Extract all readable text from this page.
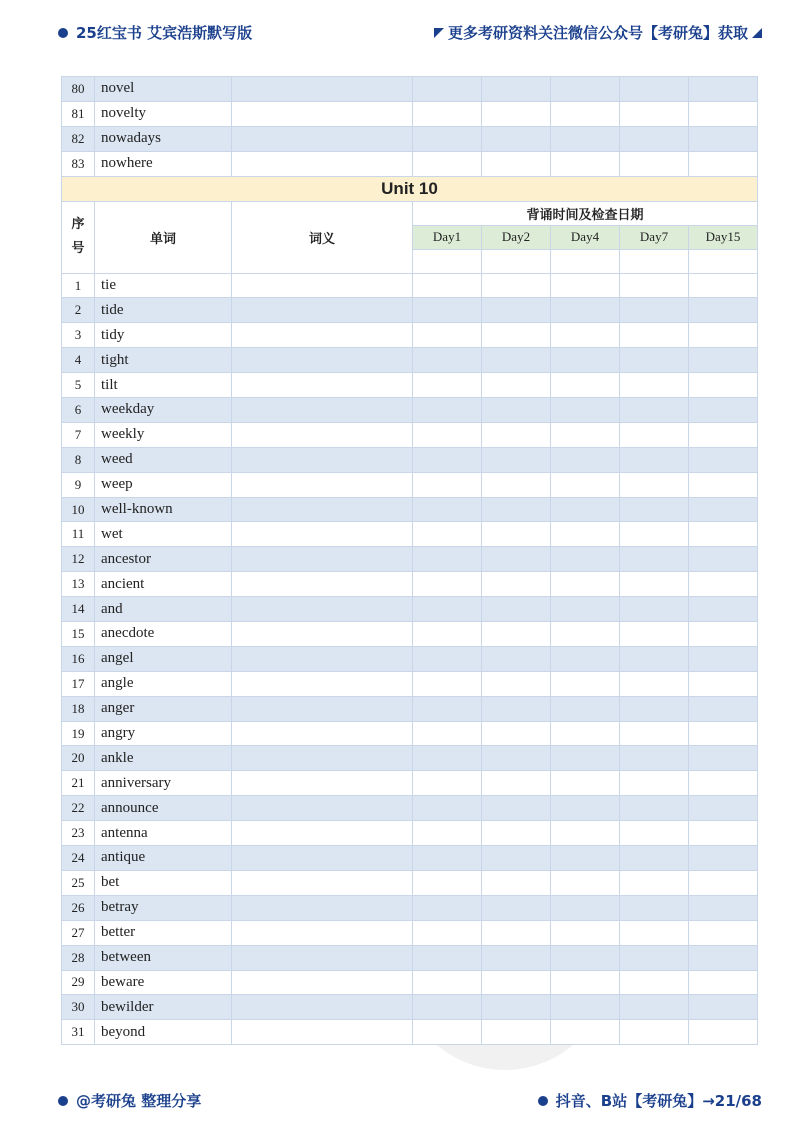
25红宝书 艾宾浩斯默写版	更多考研资料关注微信公众号【考研兔】获取
80	novel						
81	novelty						
82	nowadays						
83	nowhere						
Unit 10							
序号	单词	词义	背诵时间及检查日期				
			Day1	Day2	Day4	Day7	Day15

1	tie						
2	tide						
3	tidy						
4	tight						
5	tilt						
6	weekday						
7	weekly						
8	weed						
9	weep						
10	well-known						
11	wet						
12	ancestor						
13	ancient						
14	and						
15	anecdote						
16	angel						
17	angle						
18	anger						
19	angry						
20	ankle						
21	anniversary						
22	announce						
23	antenna						
24	antique						
25	bet						
26	betray						
27	better						
28	between						
29	beware						
30	bewilder						
31	beyond						
@考研兔 整理分享	抖音、B站【考研兔】→21/68
